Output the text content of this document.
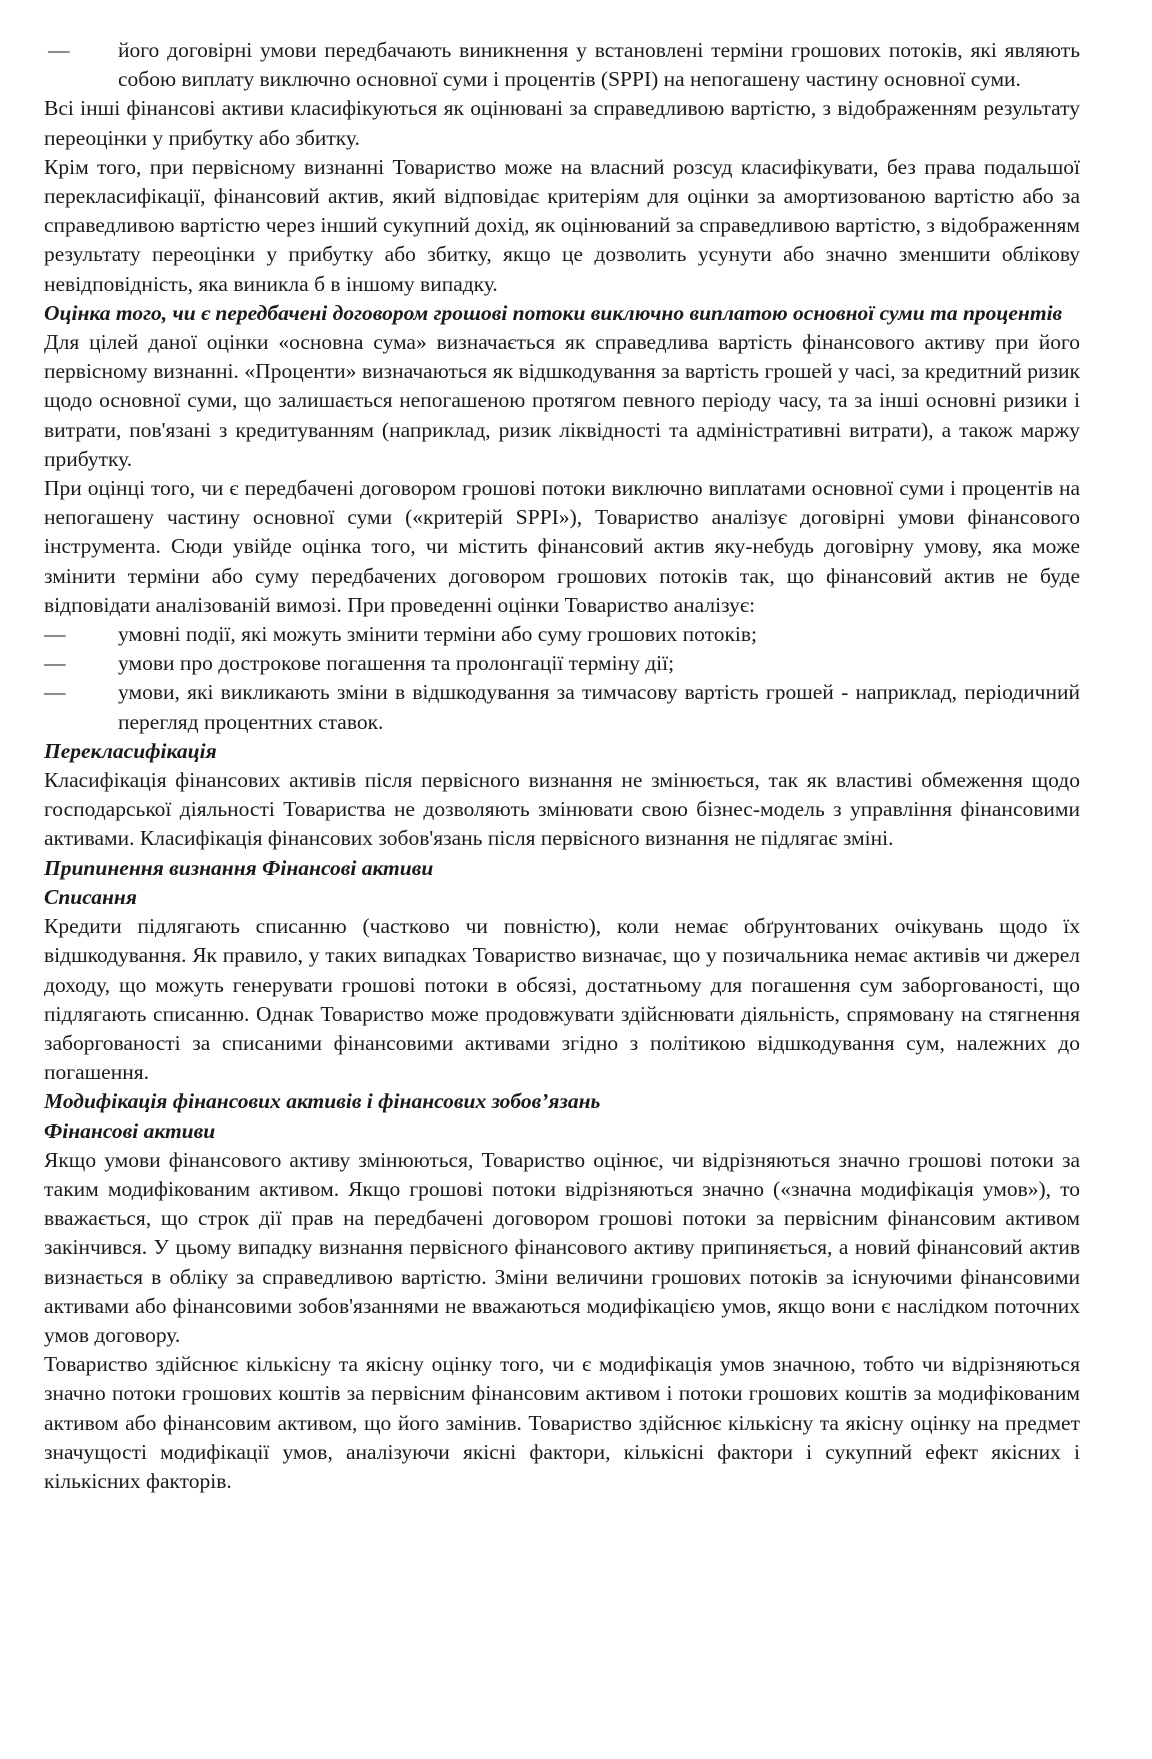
—	його договірні умови передбачають виникнення у встановлені терміни грошових потоків, які являють собою виплату виключно основної суми і процентів (SPPI) на непогашену частину основної суми.

Всі інші фінансові активи класифікуються як оцінювані за справедливою вартістю, з відображенням результату переоцінки у прибутку або збитку.

Крім того, при первісному визнанні Товариство може на власний розсуд класифікувати, без права подальшої перекласифікації, фінансовий актив, який відповідає критеріям для оцінки за амортизованою вартістю або за справедливою вартістю через інший сукупний дохід, як оцінюваний за справедливою вартістю, з відображенням результату переоцінки у прибутку або збитку, якщо це дозволить усунути або значно зменшити облікову невідповідність, яка виникла б в іншому випадку.

Оцінка того, чи є передбачені договором грошові потоки виключно виплатою основної суми та процентів

Для цілей даної оцінки «основна сума» визначається як справедлива вартість фінансового активу при його первісному визнанні. «Проценти» визначаються як відшкодування за вартість грошей у часі, за кредитний ризик щодо основної суми, що залишається непогашеною протягом певного періоду часу, та за інші основні ризики і витрати, пов'язані з кредитуванням (наприклад, ризик ліквідності та адміністративні витрати), а також маржу прибутку.

При оцінці того, чи є передбачені договором грошові потоки виключно виплатами основної суми і процентів на непогашену частину основної суми («критерій SPPI»), Товариство аналізує договірні умови фінансового інструмента. Сюди увійде оцінка того, чи містить фінансовий актив яку-небудь договірну умову, яка може змінити терміни або суму передбачених договором грошових потоків так, що фінансовий актив не буде відповідати аналізованій вимозі. При проведенні оцінки Товариство аналізує:

—	умовні події, які можуть змінити терміни або суму грошових потоків;

—	умови про дострокове погашення та пролонгації терміну дії;

—	умови, які викликають зміни в відшкодування за тимчасову вартість грошей - наприклад, періодичний перегляд процентних ставок.

Перекласифікація

Класифікація фінансових активів після первісного визнання не змінюється, так як властиві обмеження щодо господарської діяльності Товариства не дозволяють змінювати свою бізнес-модель з управління фінансовими активами. Класифікація фінансових зобов'язань після первісного визнання не підлягає зміні.

Припинення визнання Фінансові активи

Списання

Кредити підлягають списанню (частково чи повністю), коли немає обґрунтованих очікувань щодо їх відшкодування. Як правило, у таких випадках Товариство визначає, що у позичальника немає активів чи джерел доходу, що можуть генерувати грошові потоки в обсязі, достатньому для погашення сум заборгованості, що підлягають списанню. Однак Товариство може продовжувати здійснювати діяльність, спрямовану на стягнення заборгованості за списаними фінансовими активами згідно з політикою відшкодування сум, належних до погашення.

Модифікація фінансових активів і фінансових зобов’язань

Фінансові активи

Якщо умови фінансового активу змінюються, Товариство оцінює, чи відрізняються значно грошові потоки за таким модифікованим активом. Якщо грошові потоки відрізняються значно («значна модифікація умов»), то вважається, що строк дії прав на передбачені договором грошові потоки за первісним фінансовим активом закінчився. У цьому випадку визнання первісного фінансового активу припиняється, а новий фінансовий актив визнається в обліку за справедливою вартістю. Зміни величини грошових потоків за існуючими фінансовими активами або фінансовими зобов'язаннями не вважаються модифікацією умов, якщо вони є наслідком поточних умов договору.

Товариство здійснює кількісну та якісну оцінку того, чи є модифікація умов значною, тобто чи відрізняються значно потоки грошових коштів за первісним фінансовим активом і потоки грошових коштів за модифікованим активом або фінансовим активом, що його замінив. Товариство здійснює кількісну та якісну оцінку на предмет значущості модифікації умов, аналізуючи якісні фактори, кількісні фактори і сукупний ефект якісних і кількісних факторів.
